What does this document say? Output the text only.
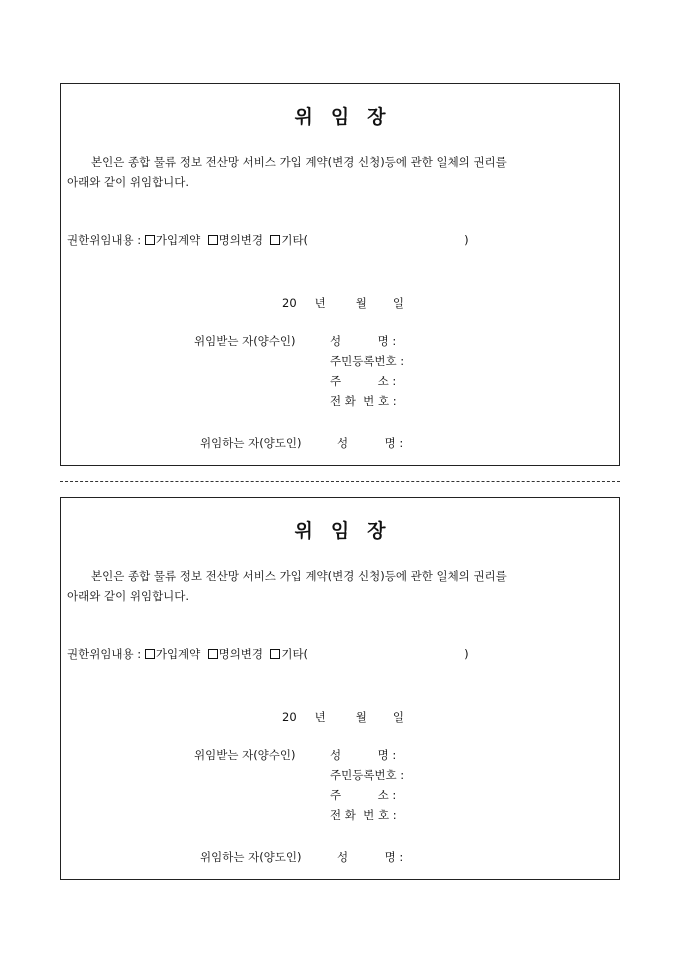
위 임 장
본인은 종합 물류 정보 전산망 서비스 가입 계약(변경 신청)등에 관한 일체의 권리를
아래와 같이 위임합니다.
권한위임내용 : 가입계약 명의변경 기타(	)
20 년	월 일
위임받는 자(양수인)	성          명 :
주민등록번호 :
주          소 :
전 화  번 호 :
위임하는 자(양도인)	성          명 :
위 임 장
본인은 종합 물류 정보 전산망 서비스 가입 계약(변경 신청)등에 관한 일체의 권리를
아래와 같이 위임합니다.
권한위임내용 : 가입계약 명의변경 기타(	)
20 년	월 일
위임받는 자(양수인)	성          명 :
주민등록번호 :
주          소 :
전 화  번 호 :
위임하는 자(양도인)	성          명 :
